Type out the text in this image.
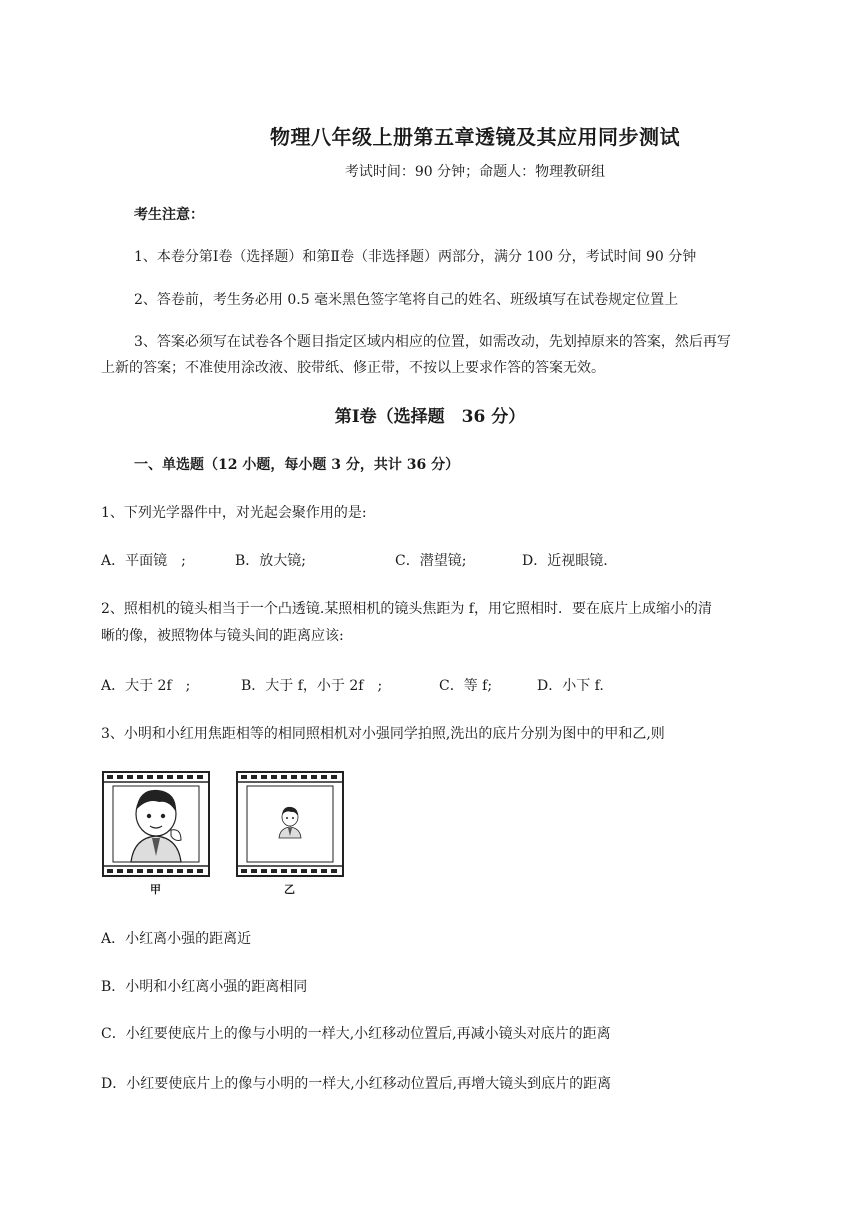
物理八年级上册第五章透镜及其应用同步测试
考试时间：90 分钟；命题人：物理教研组
考生注意：
1、本卷分第Ⅰ卷（选择题）和第Ⅱ卷（非选择题）两部分，满分 100 分，考试时间 90 分钟
2、答卷前，考生务必用 0.5 毫米黑色签字笔将自己的姓名、班级填写在试卷规定位置上
3、答案必须写在试卷各个题目指定区域内相应的位置，如需改动，先划掉原来的答案，然后再写
上新的答案；不准使用涂改液、胶带纸、修正带，不按以上要求作答的答案无效。
第Ⅰ卷（选择题　36 分）
一、单选题（12 小题，每小题 3 分，共计 36 分）
1、下列光学器件中，对光起会聚作用的是:
A．平面镜　;	B．放大镜;	C．潜望镜;	D．近视眼镜.
2、照相机的镜头相当于一个凸透镜.某照相机的镜头焦距为 f，用它照相时．要在底片上成缩小的清
晰的像，被照物体与镜头间的距离应该:
A．大于 2f　;	B．大于 f，小于 2f　;	C．等 f;	D．小下 f.
3、小明和小红用焦距相等的相同照相机对小强同学拍照,洗出的底片分别为图中的甲和乙,则
甲	乙
A．小红离小强的距离近
B．小明和小红离小强的距离相同
C．小红要使底片上的像与小明的一样大,小红移动位置后,再减小镜头对底片的距离
D．小红要使底片上的像与小明的一样大,小红移动位置后,再增大镜头到底片的距离
